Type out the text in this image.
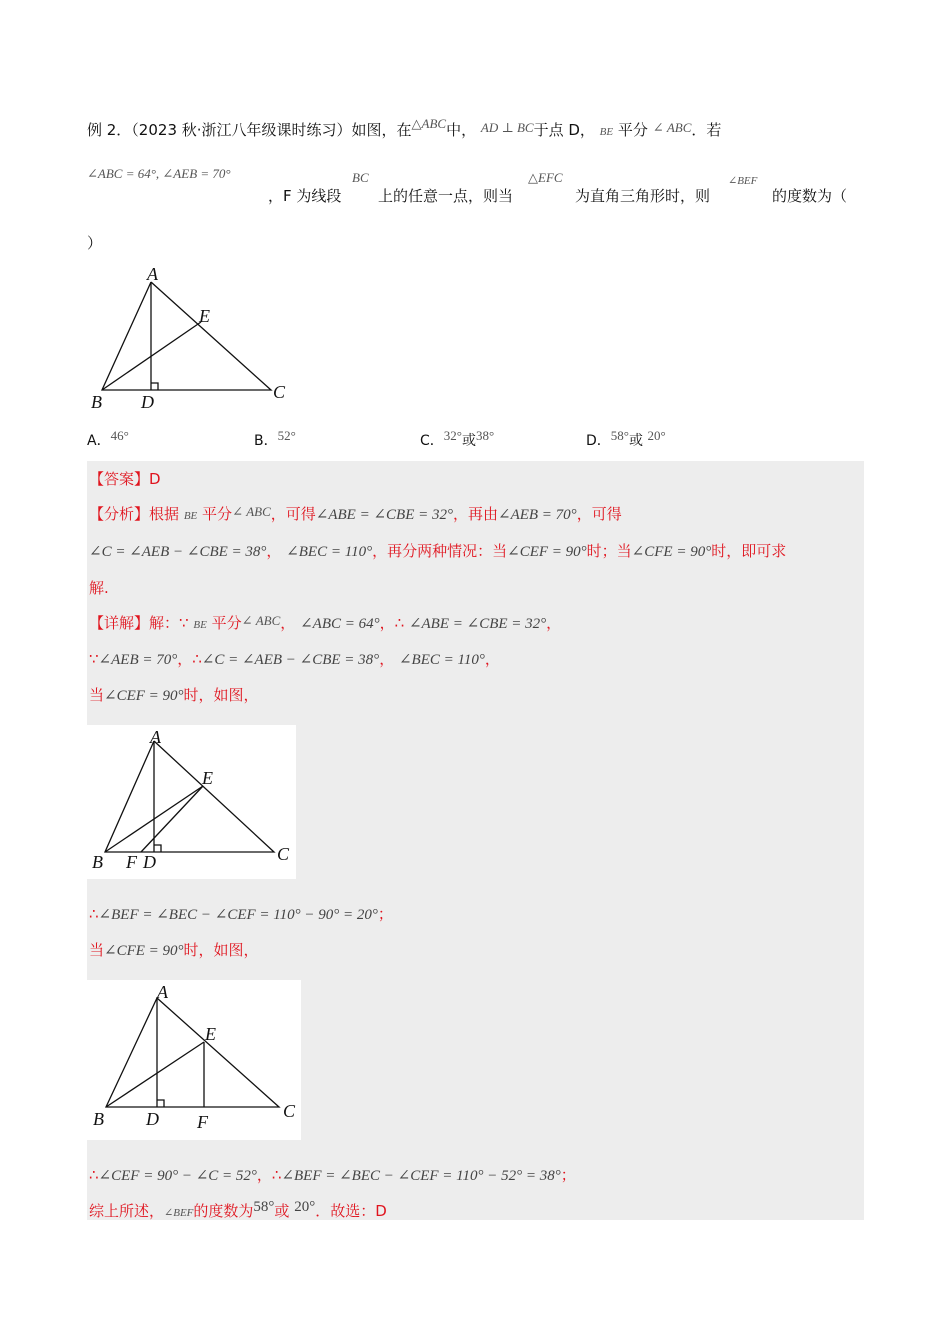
例 2．（2023 秋·浙江八年级课时练习）如图，在△ABC中， AD ⊥ BC于点 D， BE 平分 ∠ ABC．若
∠ABC = 64°, ∠AEB = 70°
，F 为线段
BC
上的任意一点，则当
△EFC
为直角三角形时，则
∠BEF
的度数为（
）
A
B	C
D
E
A．46°	B．52°	C．32°或38°	D．58°或 20°
【答案】D
【分析】根据 BE 平分∠ ABC，可得∠ABE = ∠CBE = 32°，再由∠AEB = 70°，可得
∠C = ∠AEB − ∠CBE = 38°， ∠BEC = 110°，再分两种情况：当∠CEF = 90°时；当∠CFE = 90°时，即可求
解.
【详解】解：∵ BE 平分∠ ABC， ∠ABC = 64°，∴ ∠ABE = ∠CBE = 32°，
∵∠AEB = 70°，∴∠C = ∠AEB − ∠CBE = 38°， ∠BEC = 110°，
当∠CEF = 90°时，如图，
A
B	C
D
E
F
∴∠BEF = ∠BEC − ∠CEF = 110° − 90° = 20°；
当∠CFE = 90°时，如图，
A
B	C
D
E
F
∴∠CEF = 90° − ∠C = 52°，∴∠BEF = ∠BEC − ∠CEF = 110° − 52° = 38°；
综上所述，∠BEF的度数为58°或 20°．故选：D
